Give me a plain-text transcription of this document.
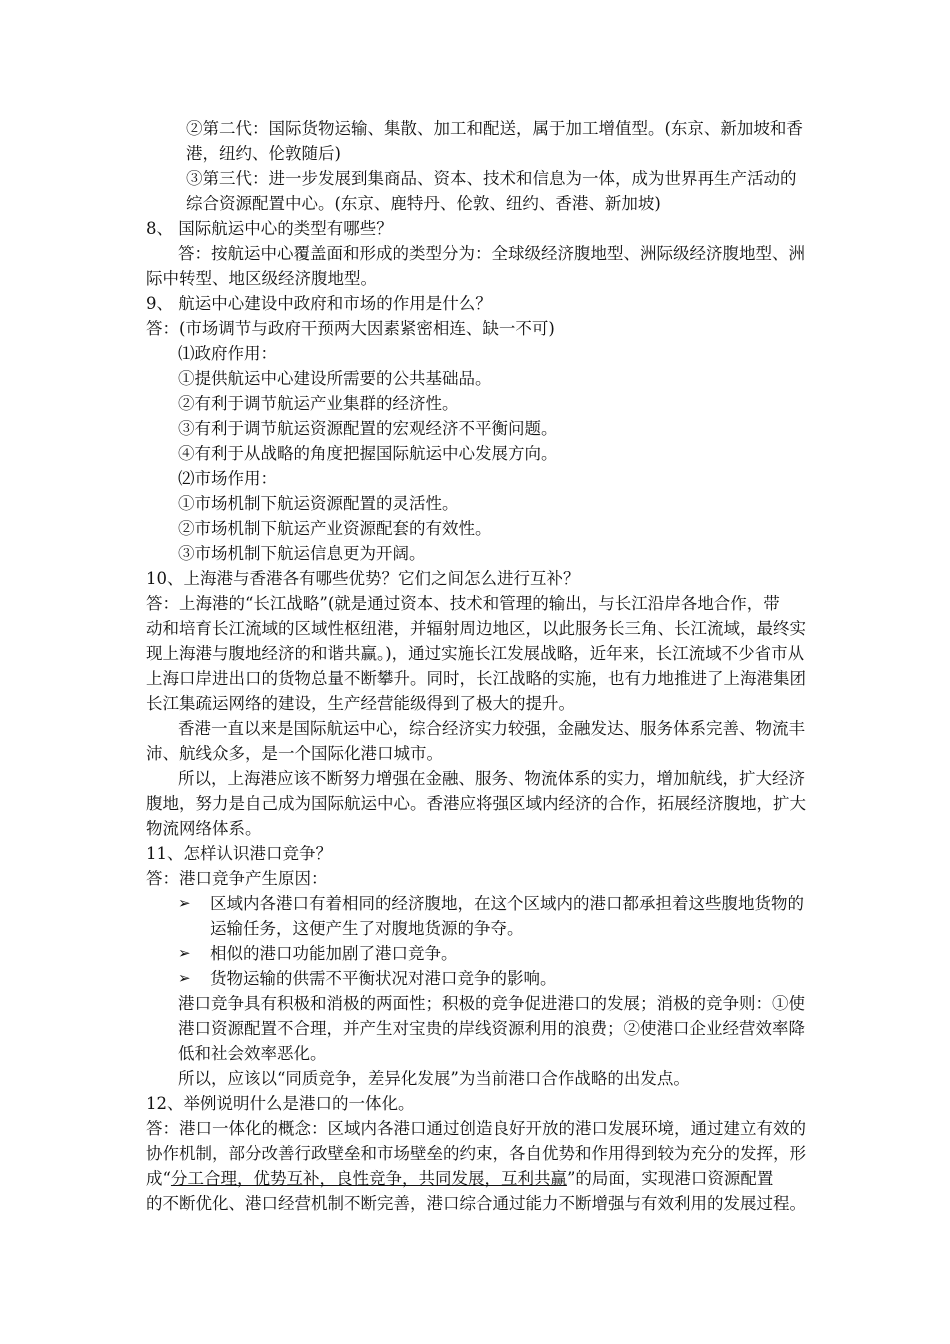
②第二代：国际货物运输、集散、加工和配送，属于加工增值型。(东京、新加坡和香
港，纽约、伦敦随后)
③第三代：进一步发展到集商品、资本、技术和信息为一体，成为世界再生产活动的
综合资源配置中心。(东京、鹿特丹、伦敦、纽约、香港、新加坡)
8、 国际航运中心的类型有哪些？
答：按航运中心覆盖面和形成的类型分为：全球级经济腹地型、洲际级经济腹地型、洲
际中转型、地区级经济腹地型。
9、 航运中心建设中政府和市场的作用是什么？
答：(市场调节与政府干预两大因素紧密相连、缺一不可)
⑴政府作用：
①提供航运中心建设所需要的公共基础品。
②有利于调节航运产业集群的经济性。
③有利于调节航运资源配置的宏观经济不平衡问题。
④有利于从战略的角度把握国际航运中心发展方向。
⑵市场作用：
①市场机制下航运资源配置的灵活性。
②市场机制下航运产业资源配套的有效性。
③市场机制下航运信息更为开阔。
10、上海港与香港各有哪些优势？它们之间怎么进行互补？
答：上海港的“长江战略”(就是通过资本、技术和管理的输出，与长江沿岸各地合作，带
动和培育长江流域的区域性枢纽港，并辐射周边地区，以此服务长三角、长江流域，最终实
现上海港与腹地经济的和谐共赢。)，通过实施长江发展战略，近年来，长江流域不少省市从
上海口岸进出口的货物总量不断攀升。同时，长江战略的实施，也有力地推进了上海港集团
长江集疏运网络的建设，生产经营能级得到了极大的提升。
香港一直以来是国际航运中心，综合经济实力较强，金融发达、服务体系完善、物流丰
沛、航线众多，是一个国际化港口城市。
所以，上海港应该不断努力增强在金融、服务、物流体系的实力，增加航线，扩大经济
腹地，努力是自己成为国际航运中心。香港应将强区域内经济的合作，拓展经济腹地，扩大
物流网络体系。
11、怎样认识港口竞争？
答：港口竞争产生原因：
➢ 区域内各港口有着相同的经济腹地，在这个区域内的港口都承担着这些腹地货物的
运输任务，这便产生了对腹地货源的争夺。
➢ 相似的港口功能加剧了港口竞争。
➢ 货物运输的供需不平衡状况对港口竞争的影响。
港口竞争具有积极和消极的两面性；积极的竞争促进港口的发展；消极的竞争则：①使
港口资源配置不合理，并产生对宝贵的岸线资源利用的浪费；②使港口企业经营效率降
低和社会效率恶化。
所以，应该以“同质竞争，差异化发展”为当前港口合作战略的出发点。
12、举例说明什么是港口的一体化。
答：港口一体化的概念：区域内各港口通过创造良好开放的港口发展环境，通过建立有效的
协作机制，部分改善行政壁垒和市场壁垒的约束，各自优势和作用得到较为充分的发挥，形
成“分工合理，优势互补，良性竞争，共同发展，互利共赢”的局面，实现港口资源配置
的不断优化、港口经营机制不断完善，港口综合通过能力不断增强与有效利用的发展过程。
